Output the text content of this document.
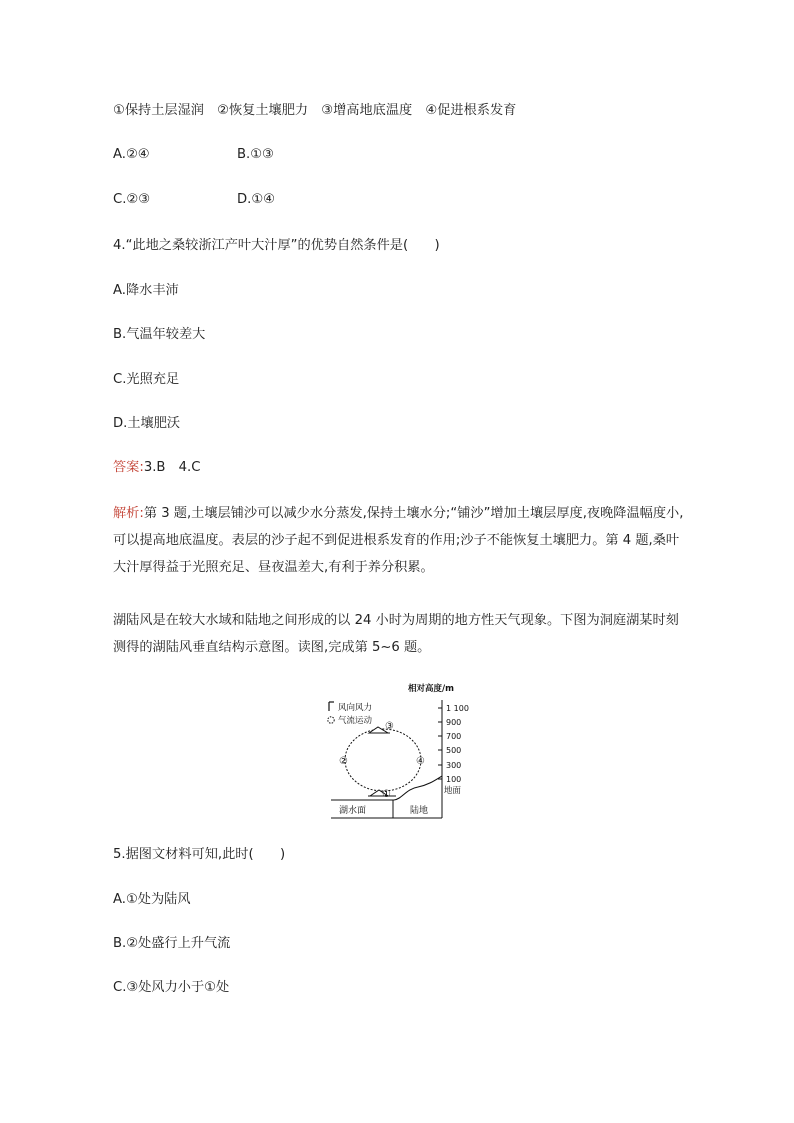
①保持土层湿润　②恢复土壤肥力　③增高地底温度　④促进根系发育
A.②④	B.①③
C.②③	D.①④
4.“此地之桑较浙江产叶大汁厚”的优势自然条件是(　　)
A.降水丰沛
B.气温年较差大
C.光照充足
D.土壤肥沃
答案:3.B　4.C
解析:第 3 题,土壤层铺沙可以减少水分蒸发,保持土壤水分;“铺沙”增加土壤层厚度,夜晚降温幅度小,可以提高地底温度。表层的沙子起不到促进根系发育的作用;沙子不能恢复土壤肥力。第 4 题,桑叶大汁厚得益于光照充足、昼夜温差大,有利于养分积累。
湖陆风是在较大水域和陆地之间形成的以 24 小时为周期的地方性天气现象。下图为洞庭湖某时刻测得的湖陆风垂直结构示意图。读图,完成第 5~6 题。
相对高度/m
1 100
900
700
500
300
100
地面
风向风力
气流运动 ③
②	④
①
湖水面	陆地
5.据图文材料可知,此时(　　)
A.①处为陆风
B.②处盛行上升气流
C.③处风力小于①处
